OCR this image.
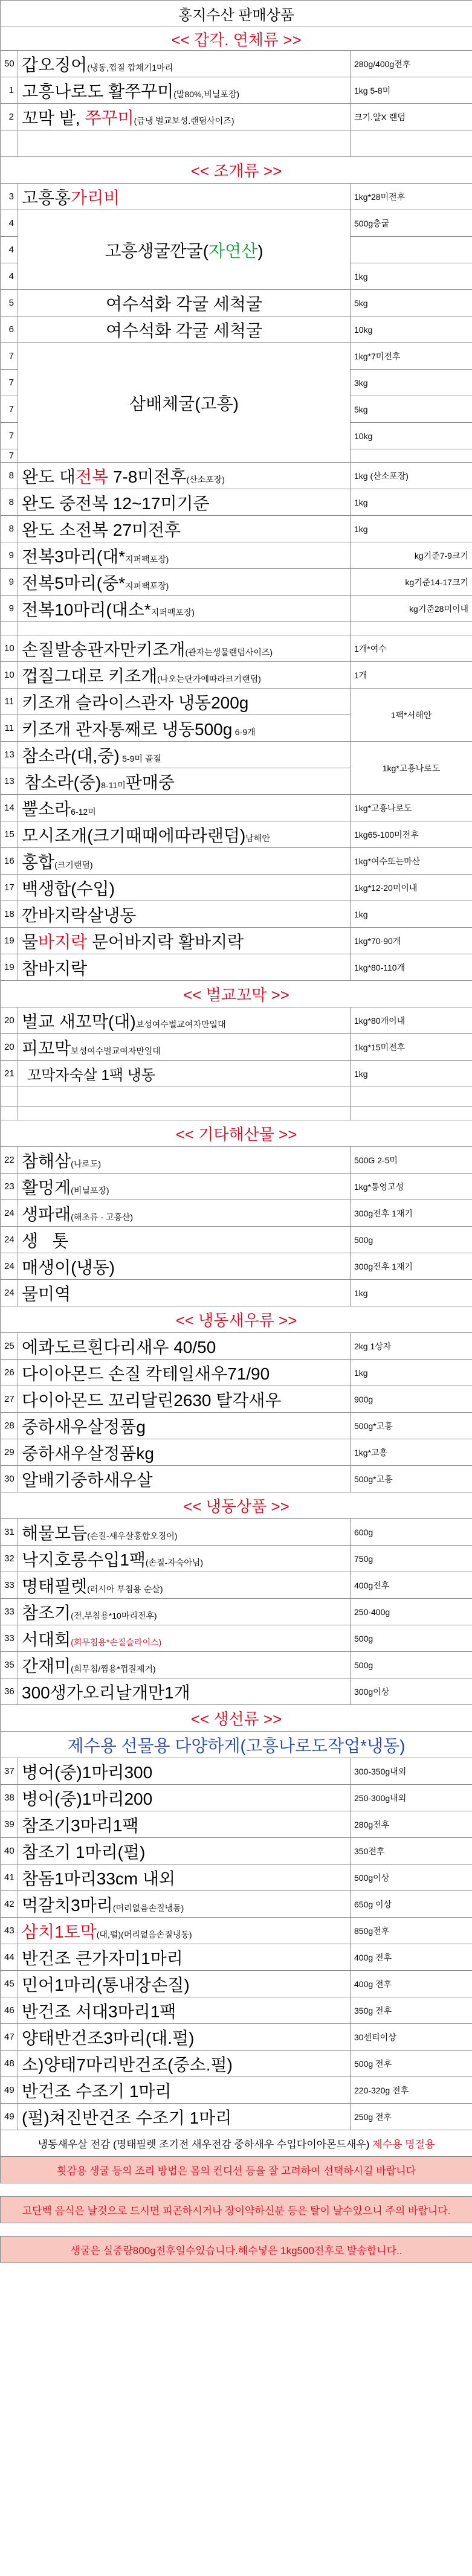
홍지수산 판매상품		
<< 갑각. 연체류 >>		
50	갑오징어(냉동,껍질 깝채기1마리	280g/400g전후
1	고흥나로도 활쭈꾸미(말80%,비닐포장)	1kg 5-8미
2	꼬막 밭, 쭈꾸미(급냉 벌교보성.랜덤사이즈)	크기.알X 랜덤

<< 조개류 >>		
3	고흥홍가리비	1kg*28미전후
4	고흥생굴깐굴(자연산)	500g충굴
4		
4		1kg
5	여수석화 각굴 세척굴	5kg
6	여수석화 각굴 세척굴	10kg
7	삼배체굴(고흥)	1kg*7미전후
7		3kg
7		5kg
7		10kg
7		
8	완도 대전복 7-8미전후(산소포장)	1kg (산소포장)
8	완도 중전복 12~17미기준	1kg
8	완도 소전복 27미전후	1kg
9	전복3마리(대*지퍼팩포장)	kg기준7-9크기
9	전복5마리(중*지퍼팩포장)	kg기준14-17크기
9	전복10마리(대소*지퍼팩포장)	kg기준28미이내

10	손질발송관자만키조개(관자는생물랜덤사이즈)	1개*여수
10	껍질그대로 키조개(나오는단가에따라크기랜덤)	1개
11	키조개 슬라이스관자 냉동200g	1팩*서해안
11	키조개 관자통째로 냉동500g 6-9개	
13	참소라(대,중) 5-9미 골절	1kg*고흥나로도
13	참소라(중)8-11미판매중	
14	뿔소라6-12미	1kg*고흥나로도
15	모시조개(크기때때에따라랜덤)남해안	1kg65-100미전후
16	홍합(크기랜덤)	1kg*여수또는마산
17	백생합(수입)	1kg*12-20미이내
18	깐바지락살냉동	1kg
19	물바지락 문어바지락 활바지락	1kg*70-90개
19	참바지락	1kg*80-110개
<< 벌교꼬막 >>		
20	벌교 새꼬막(대)보성여수벌교여자만일대	1kg*80개이내
20	피꼬막보성여수벌교여자만일대	1kg*15미전후
21	꼬막자숙살 1팩 냉동	1kg

<< 기타해산물 >>		
22	참해삼(나로도)	500G 2-5미
23	활멍게(비닐포장)	1kg*통영고성
24	생파래(해초류 - 고흥산)	300g전후 1재기
24	생   톳	500g
24	매생이(냉동)	300g전후 1재기
24	물미역	1kg
<< 냉동새우류 >>		
25	에콰도르흰다리새우 40/50	2kg 1상자
26	다이아몬드 손질 칵테일새우71/90	1kg
27	다이아몬드 꼬리달린2630 탈각새우	900g
28	중하새우살정품g	500g*고흥
29	중하새우살정품kg	1kg*고흥
30	알배기중하새우살	500g*고흥
<< 냉동상품 >>		
31	해물모듬(손질-새우살홍합오징어)	600g
32	낙지호롱수입1팩(손질-자숙아님)	750g
33	명태필렛(러시아 부침용 순살)	400g전후
33	참조기(전,부침용*10마리전후)	250-400g
33	서대회(회무침용*손질슬라이스)	500g
35	간재미(회무침/찜용*껍질제거)	500g
36	300생가오리날개만1개	300g이상
<< 생선류 >>		
제수용 선물용 다양하게(고흥나로도작업*냉동)		
37	병어(중)1마리300	300-350g내외
38	병어(중)1마리200	250-300g내외
39	참조기3마리1팩	280g전후
40	참조기 1마리(펄)	350전후
41	참돔1마리33cm 내외	500g이상
42	먹갈치3마리(머리없음손질냉동)	650g 이상
43	삼치1토막(대,펄)(머리없음손질냉동)	850g전후
44	반건조 큰가자미1마리	400g 전후
45	민어1마리(통내장손질)	400g 전후
46	반건조 서대3마리1팩	350g 전후
47	양태반건조3마리(대.펄)	30센티이상
48	소)양태7마리반건조(중소.펄)	500g 전후
49	반건조 수조기 1마리	220-320g 전후
49	(펄)쳐진반건조 수조기 1마리	250g 전후
냉동새우살 전감 (명태필렛 조기전 새우전감 중하새우 수입다이아몬드새우) 제수용 명절용		
횟감용 생굴 등의 조리 방법은 몸의 컨디션 등을 잘 고려하여 선택하시길 바랍니다		

고단백 음식은 날것으로 드시면 피곤하시거나 장이약하신분 등은 탈이 날수있으니 주의 바랍니다.		

생굴은 실중량800g전후일수있습니다.해수넣은 1kg500전후로 발송합니다..		
